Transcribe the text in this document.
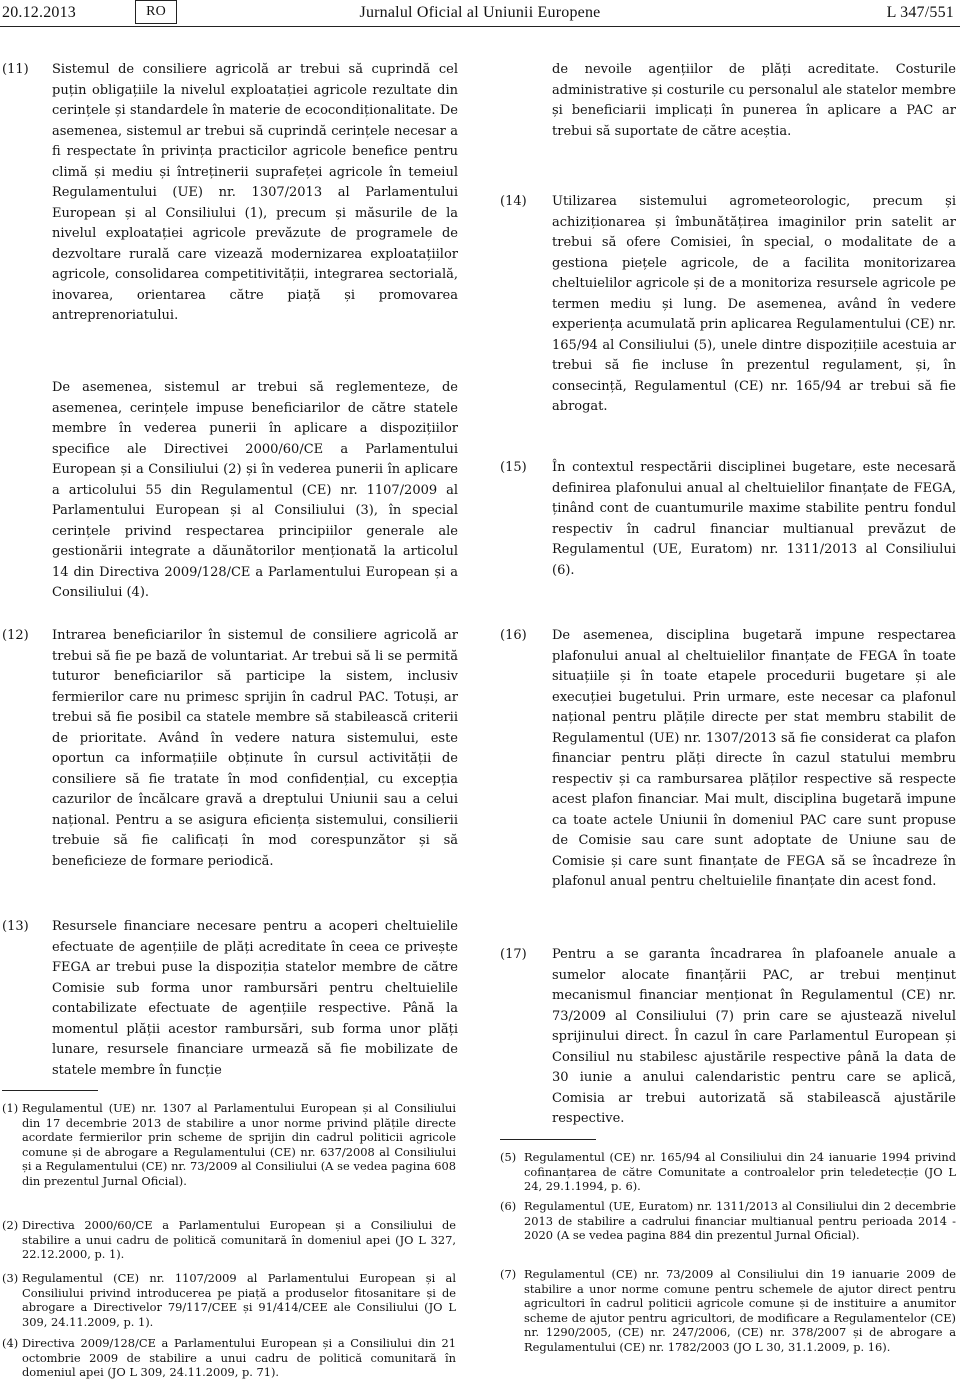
20.12.2013	RO	Jurnalul Oficial al Uniunii Europene	L 347/551
(11) Sistemul de consiliere agricolă ar trebui să cuprindă cel puțin obligațiile la nivelul exploatației agricole rezultate din cerințele și standardele în materie de ecocondiționalitate. De asemenea, sistemul ar trebui să cuprindă cerințele necesar a fi respectate în privința practicilor agricole benefice pentru climă și mediu și întreținerii suprafeței agricole în temeiul Regulamentului (UE) nr. 1307/2013 al Parlamentului European și al Consiliului (1), precum și măsurile de la nivelul exploatației agricole prevăzute de programele de dezvoltare rurală care vizează modernizarea exploatațiilor agricole, consolidarea competitivității, integrarea sectorială, inovarea, orientarea către piață și promovarea antreprenoriatului.
De asemenea, sistemul ar trebui să reglementeze, de asemenea, cerințele impuse beneficiarilor de către statele membre în vederea punerii în aplicare a dispozițiilor specifice ale Directivei 2000/60/CE a Parlamentului European și a Consiliului (2) și în vederea punerii în aplicare a articolului 55 din Regulamentul (CE) nr. 1107/2009 al Parlamentului European și al Consiliului (3), în special cerințele privind respectarea principiilor generale ale gestionării integrate a dăunătorilor menționată la articolul 14 din Directiva 2009/128/CE a Parlamentului European și a Consiliului (4).
(12) Intrarea beneficiarilor în sistemul de consiliere agricolă ar trebui să fie pe bază de voluntariat. Ar trebui să li se permită tuturor beneficiarilor să participe la sistem, inclusiv fermierilor care nu primesc sprijin în cadrul PAC. Totuși, ar trebui să fie posibil ca statele membre să stabilească criterii de prioritate. Având în vedere natura sistemului, este oportun ca informațiile obținute în cursul activității de consiliere să fie tratate în mod confidențial, cu excepția cazurilor de încălcare gravă a dreptului Uniunii sau a celui național. Pentru a se asigura eficiența sistemului, consilierii trebuie să fie calificați în mod corespunzător și să beneficieze de formare periodică.
(13) Resursele financiare necesare pentru a acoperi cheltuielile efectuate de agențiile de plăți acreditate în ceea ce privește FEGA ar trebui puse la dispoziția statelor membre de către Comisie sub forma unor rambursări pentru cheltuielile contabilizate efectuate de agențiile respective. Până la momentul plății acestor rambursări, sub forma unor plăți lunare, resursele financiare urmează să fie mobilizate de statele membre în funcție
(1) Regulamentul (UE) nr. 1307 al Parlamentului European și al Consiliului din 17 decembrie 2013 de stabilire a unor norme privind plățile directe acordate fermierilor prin scheme de sprijin din cadrul politicii agricole comune și de abrogare a Regulamentului (CE) nr. 637/2008 al Consiliului și a Regulamentului (CE) nr. 73/2009 al Consiliului (A se vedea pagina 608 din prezentul Jurnal Oficial).
(2) Directiva 2000/60/CE a Parlamentului European și a Consiliului de stabilire a unui cadru de politică comunitară în domeniul apei (JO L 327, 22.12.2000, p. 1).
(3) Regulamentul (CE) nr. 1107/2009 al Parlamentului European și al Consiliului privind introducerea pe piață a produselor fitosanitare și de abrogare a Directivelor 79/117/CEE și 91/414/CEE ale Consiliului (JO L 309, 24.11.2009, p. 1).
(4) Directiva 2009/128/CE a Parlamentului European și a Consiliului din 21 octombrie 2009 de stabilire a unui cadru de politică comunitară în domeniul apei (JO L 309, 24.11.2009, p. 71).
de nevoile agențiilor de plăți acreditate. Costurile administrative și costurile cu personalul ale statelor membre și beneficiarii implicați în punerea în aplicare a PAC ar trebui să suportate de către aceștia.
(14) Utilizarea sistemului agrometeorologic, precum și achiziționarea și îmbunătățirea imaginilor prin satelit ar trebui să ofere Comisiei, în special, o modalitate de a gestiona piețele agricole, de a facilita monitorizarea cheltuielilor agricole și de a monitoriza resursele agricole pe termen mediu și lung. De asemenea, având în vedere experiența acumulată prin aplicarea Regulamentului (CE) nr. 165/94 al Consiliului (5), unele dintre dispozițiile acestuia ar trebui să fie incluse în prezentul regulament, și, în consecință, Regulamentul (CE) nr. 165/94 ar trebui să fie abrogat.
(15) În contextul respectării disciplinei bugetare, este necesară definirea plafonului anual al cheltuielilor finanțate de FEGA, ținând cont de cuantumurile maxime stabilite pentru fondul respectiv în cadrul financiar multianual prevăzut de Regulamentul (UE, Euratom) nr. 1311/2013 al Consiliului (6).
(16) De asemenea, disciplina bugetară impune respectarea plafonului anual al cheltuielilor finanțate de FEGA în toate situațiile și în toate etapele procedurii bugetare și ale execuției bugetului. Prin urmare, este necesar ca plafonul național pentru plățile directe per stat membru stabilit de Regulamentul (UE) nr. 1307/2013 să fie considerat ca plafon financiar pentru plăți directe în cazul statului membru respectiv și ca rambursarea plăților respective să respecte acest plafon financiar. Mai mult, disciplina bugetară impune ca toate actele Uniunii în domeniul PAC care sunt propuse de Comisie sau care sunt adoptate de Uniune sau de Comisie și care sunt finanțate de FEGA să se încadreze în plafonul anual pentru cheltuielile finanțate din acest fond.
(17) Pentru a se garanta încadrarea în plafoanele anuale a sumelor alocate finanțării PAC, ar trebui menținut mecanismul financiar menționat în Regulamentul (CE) nr. 73/2009 al Consiliului (7) prin care se ajustează nivelul sprijinului direct. În cazul în care Parlamentul European și Consiliul nu stabilesc ajustările respective până la data de 30 iunie a anului calendaristic pentru care se aplică, Comisia ar trebui autorizată să stabilească ajustările respective.
(5) Regulamentul (CE) nr. 165/94 al Consiliului din 24 ianuarie 1994 privind cofinanțarea de către Comunitate a controalelor prin teledetecție (JO L 24, 29.1.1994, p. 6).
(6) Regulamentul (UE, Euratom) nr. 1311/2013 al Consiliului din 2 decembrie 2013 de stabilire a cadrului financiar multianual pentru perioada 2014 - 2020 (A se vedea pagina 884 din prezentul Jurnal Oficial).
(7) Regulamentul (CE) nr. 73/2009 al Consiliului din 19 ianuarie 2009 de stabilire a unor norme comune pentru schemele de ajutor direct pentru agricultori în cadrul politicii agricole comune și de instituire a anumitor scheme de ajutor pentru agricultori, de modificare a Regulamentelor (CE) nr. 1290/2005, (CE) nr. 247/2006, (CE) nr. 378/2007 și de abrogare a Regulamentului (CE) nr. 1782/2003 (JO L 30, 31.1.2009, p. 16).
